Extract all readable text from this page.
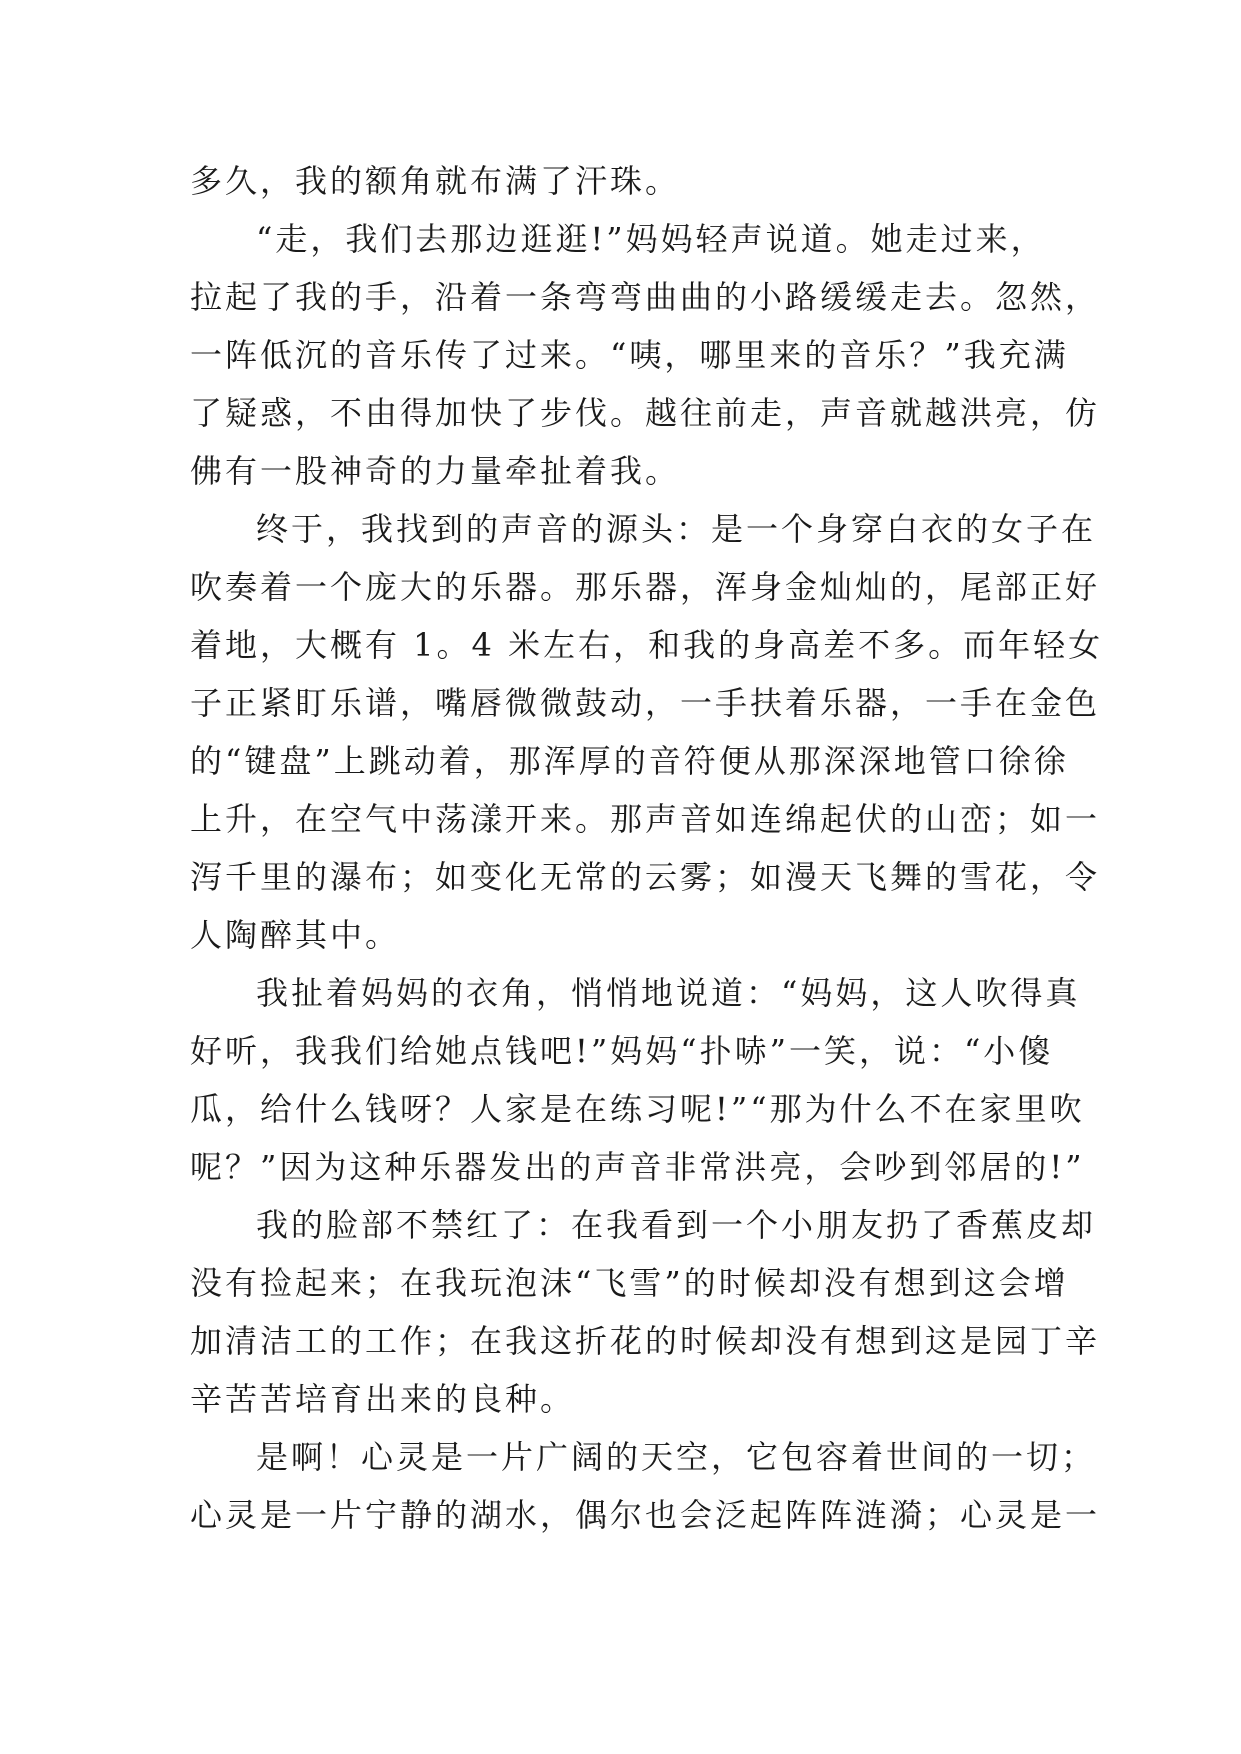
多久，我的额角就布满了汗珠。
“走，我们去那边逛逛!”妈妈轻声说道。她走过来，
拉起了我的手，沿着一条弯弯曲曲的小路缓缓走去。忽然，
一阵低沉的音乐传了过来。“咦，哪里来的音乐？”我充满
了疑惑，不由得加快了步伐。越往前走，声音就越洪亮，仿
佛有一股神奇的力量牵扯着我。
终于，我找到的声音的源头：是一个身穿白衣的女子在
吹奏着一个庞大的乐器。那乐器，浑身金灿灿的，尾部正好
着地，大概有 1。4 米左右，和我的身高差不多。而年轻女
子正紧盯乐谱，嘴唇微微鼓动，一手扶着乐器，一手在金色
的“键盘”上跳动着，那浑厚的音符便从那深深地管口徐徐
上升，在空气中荡漾开来。那声音如连绵起伏的山峦；如一
泻千里的瀑布；如变化无常的云雾；如漫天飞舞的雪花，令
人陶醉其中。
我扯着妈妈的衣角，悄悄地说道：“妈妈，这人吹得真
好听，我我们给她点钱吧!”妈妈“扑哧”一笑，说：“小傻
瓜，给什么钱呀？人家是在练习呢!”“那为什么不在家里吹
呢？”因为这种乐器发出的声音非常洪亮，会吵到邻居的!”
我的脸部不禁红了：在我看到一个小朋友扔了香蕉皮却
没有捡起来；在我玩泡沫“飞雪”的时候却没有想到这会增
加清洁工的工作；在我这折花的时候却没有想到这是园丁辛
辛苦苦培育出来的良种。
是啊！心灵是一片广阔的天空，它包容着世间的一切；
心灵是一片宁静的湖水，偶尔也会泛起阵阵涟漪；心灵是一
